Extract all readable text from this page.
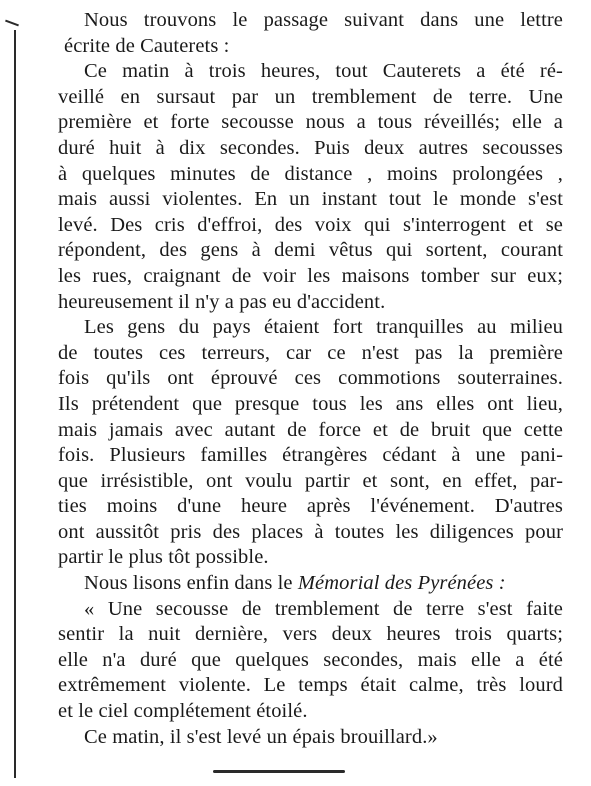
Nous trouvons le passage suivant dans une lettre
écrite de Cauterets :
Ce matin à trois heures, tout Cauterets a été ré-
veillé en sursaut par un tremblement de terre. Une
première et forte secousse nous a tous réveillés; elle a
duré huit à dix secondes. Puis deux autres secousses
à quelques minutes de distance , moins prolongées ,
mais aussi violentes. En un instant tout le monde s'est
levé. Des cris d'effroi, des voix qui s'interrogent et se
répondent, des gens à demi vêtus qui sortent, courant
les rues, craignant de voir les maisons tomber sur eux;
heureusement il n'y a pas eu d'accident.
Les gens du pays étaient fort tranquilles au milieu
de toutes ces terreurs, car ce n'est pas la première
fois qu'ils ont éprouvé ces commotions souterraines.
Ils prétendent que presque tous les ans elles ont lieu,
mais jamais avec autant de force et de bruit que cette
fois. Plusieurs familles étrangères cédant à une pani-
que irrésistible, ont voulu partir et sont, en effet, par-
ties moins d'une heure après l'événement. D'autres
ont aussitôt pris des places à toutes les diligences pour
partir le plus tôt possible.
Nous lisons enfin dans le Mémorial des Pyrénées :
« Une secousse de tremblement de terre s'est faite
sentir la nuit dernière, vers deux heures trois quarts;
elle n'a duré que quelques secondes, mais elle a été
extrêmement violente. Le temps était calme, très lourd
et le ciel complétement étoilé.
Ce matin, il s'est levé un épais brouillard.»
